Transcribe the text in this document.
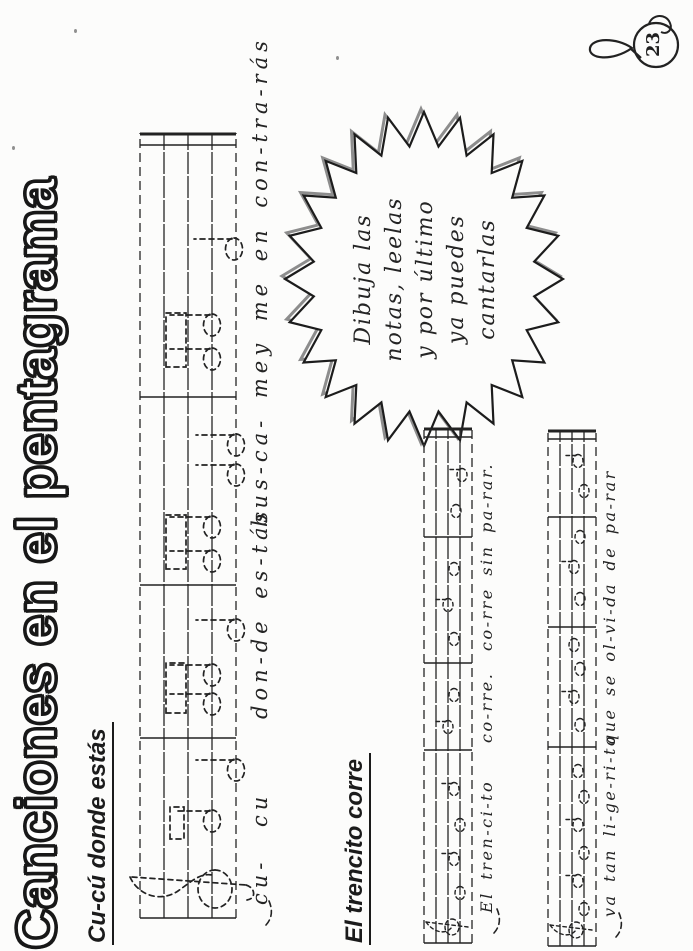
Canciones en el pentagrama Cu-cú donde estás	cu-
cu
don-de es-tás
bus-ca- mey me en con-tra-rás	Dibuja las notas, leelas y por último ya puedes cantarlas
El trencito corre	El tren-ci-to
co-rre.
co-rre sin pa-rar.
va tan li-ge-ri-to
que se ol-vi-da de pa-rar
23
